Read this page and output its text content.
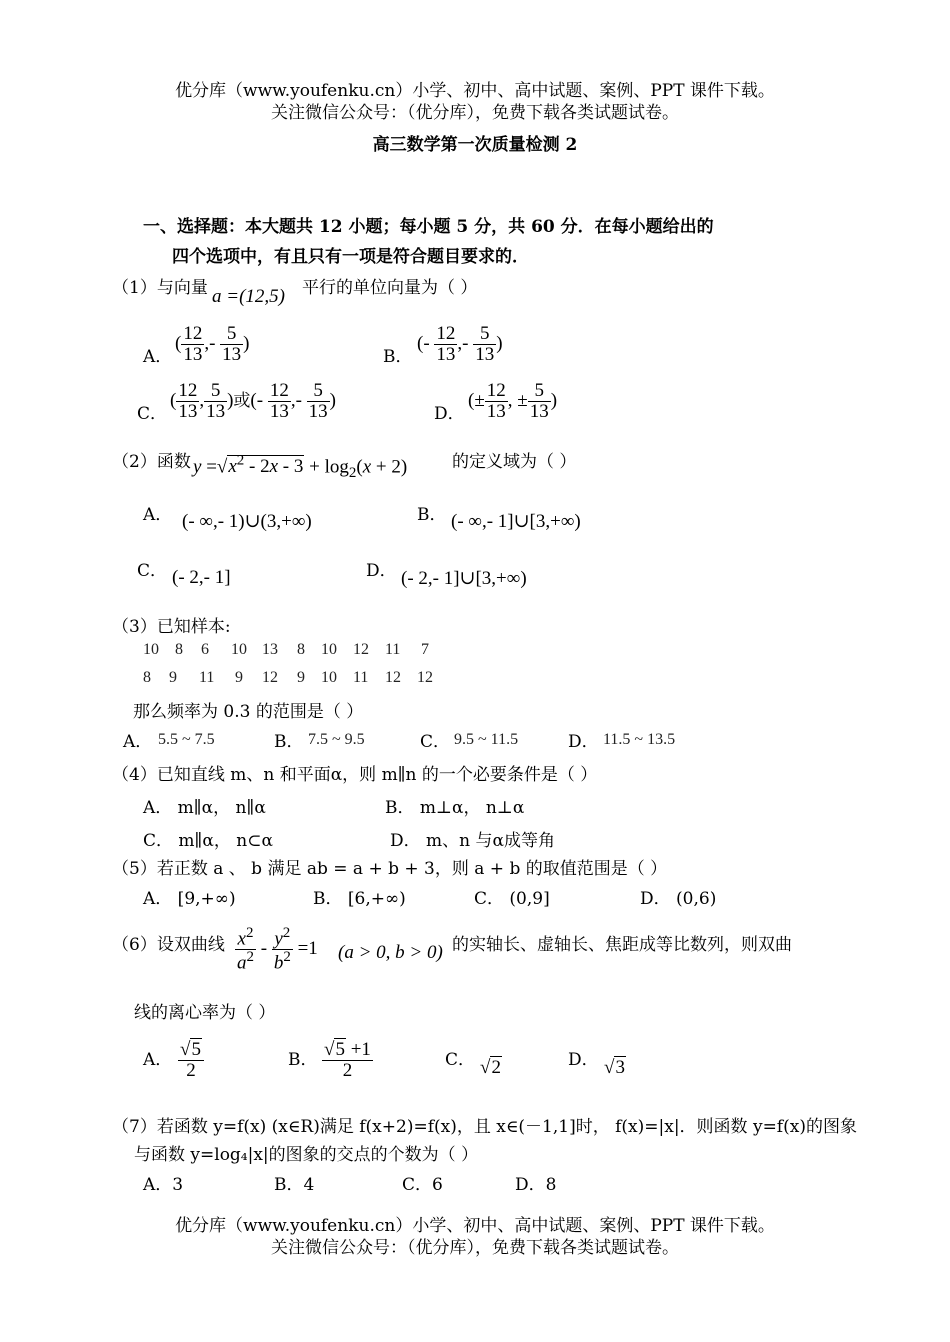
优分库（www.youfenku.cn）小学、初中、高中试题、案例、PPT 课件下载。
关注微信公众号：（优分库），免费下载各类试题试卷。
高三数学第一次质量检测 2
一、选择题：本大题共 12 小题；每小题 5 分，共 60 分．在每小题给出的
四个选项中，有且只有一项是符合题目要求的．
（1）与向量 a =(12,5) 平行的单位向量为（ ）
A．
( $\frac{12}{13}$ ,- $\frac{5}{13}$ )
B．
(- $\frac{12}{13}$ ,- $\frac{5}{13}$ )
C．
( $\frac{12}{13}$ , $\frac{5}{13}$ )或(- $\frac{12}{13}$ ,- $\frac{5}{13}$ )
D．
(± $\frac{12}{13}$ , ± $\frac{5}{13}$ )
（2）函数 $y =√x^2 - 2x - 3 + \log_2(x + 2)$	的定义域为（ ）
A． (- ∞,- 1)∪(3,+∞)	B． (- ∞,- 1]∪[3,+∞)
C． (- 2,- 1]	D． (- 2,- 1]∪[3,+∞)
（3）已知样本:
10 8 6 10 13 8 10 12 11 7
8 9 11 9 12 9 10 11 12 12
那么频率为 0.3 的范围是（ ）
A． 5.5 ~ 7.5	B． 7.5 ~ 9.5	C． 9.5 ~ 11.5	D． 11.5 ~ 13.5
（4）已知直线 m、n 和平面α，则 m∥n 的一个必要条件是（ ）
A． m∥α， n∥α	B． m⊥α， n⊥α
C． m∥α， n⊂α	D． m、n 与α成等角
（5）若正数 a 、 b 满足 ab = a + b + 3，则 a + b 的取值范围是（ ）
A． [9,+∞)	B． [6,+∞)	C． (0,9]	D． (0,6)
（6）设双曲线 $\frac{x^2}{a^2} - \frac{y^2}{b^2} =1$ (a > 0, b > 0) 的实轴长、虚轴长、焦距成等比数列，则双曲
线的离心率为（ ）
A． $\frac{√5}{2}$	B． $\frac{√5 +1}{2}$	C． √2	D． √3
（7）若函数 y=f(x) (x∈R)满足 f(x+2)=f(x)，且 x∈(－1,1]时， f(x)=|x|．则函数 y=f(x)的图象
与函数 y=log₄|x|的图象的交点的个数为（ ）
A．3	B．4	C．6	D．8
优分库（www.youfenku.cn）小学、初中、高中试题、案例、PPT 课件下载。
关注微信公众号：（优分库），免费下载各类试题试卷。
